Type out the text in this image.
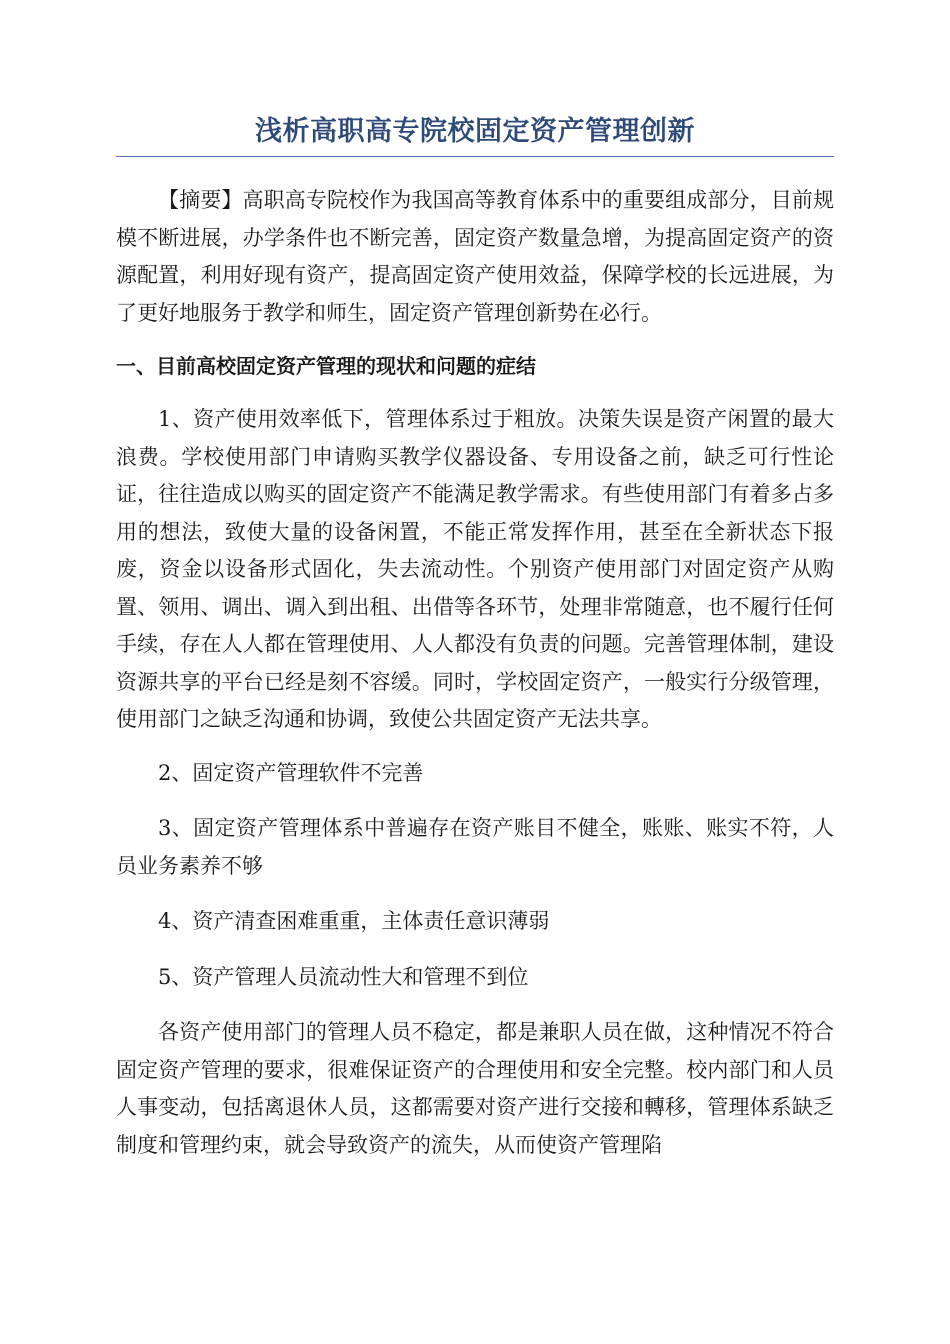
浅析高职高专院校固定资产管理创新

【摘要】高职高专院校作为我国高等教育体系中的重要组成部分，目前规模不断进展，办学条件也不断完善，固定资产数量急增，为提高固定资产的资源配置，利用好现有资产，提高固定资产使用效益，保障学校的长远进展，为了更好地服务于教学和师生，固定资产管理创新势在必行。

一、目前高校固定资产管理的现状和问题的症结

1、资产使用效率低下，管理体系过于粗放。决策失误是资产闲置的最大浪费。学校使用部门申请购买教学仪器设备、专用设备之前，缺乏可行性论证，往往造成以购买的固定资产不能满足教学需求。有些使用部门有着多占多用的想法，致使大量的设备闲置，不能正常发挥作用，甚至在全新状态下报废，资金以设备形式固化，失去流动性。个别资产使用部门对固定资产从购置、领用、调出、调入到出租、出借等各环节，处理非常随意，也不履行任何手续，存在人人都在管理使用、人人都没有负责的问题。完善管理体制，建设资源共享的平台已经是刻不容缓。同时，学校固定资产，一般实行分级管理，使用部门之缺乏沟通和协调，致使公共固定资产无法共享。

2、固定资产管理软件不完善

3、固定资产管理体系中普遍存在资产账目不健全，账账、账实不符，人员业务素养不够

4、资产清查困难重重，主体责任意识薄弱

5、资产管理人员流动性大和管理不到位

各资产使用部门的管理人员不稳定，都是兼职人员在做，这种情况不符合固定资产管理的要求，很难保证资产的合理使用和安全完整。校内部门和人员人事变动，包括离退休人员，这都需要对资产进行交接和轉移，管理体系缺乏制度和管理约束，就会导致资产的流失，从而使资产管理陷
